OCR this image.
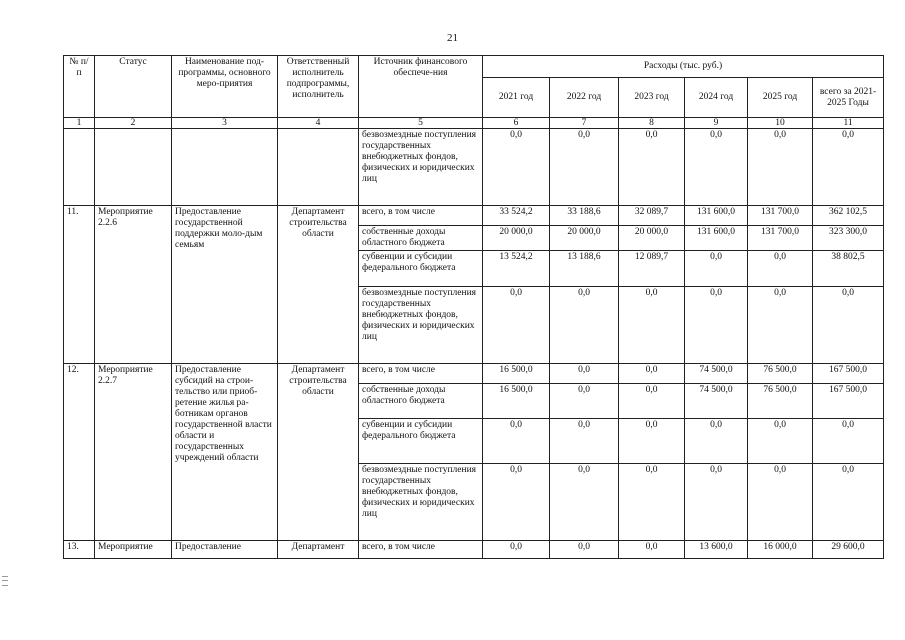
21
№ п/п	Статус	Наименование под-программы, основного меро-приятия	Ответственный исполнитель подпрограммы, исполнитель	Источник финансового обеспече-ния	Расходы (тыс. руб.)					
					2021 год	2022 год	2023 год	2024 год	2025 год	всего за 2021-2025 Годы
1	2	3	4	5	6	7	8	9	10	11
				безвозмездные поступления государственных внебюджетных фондов, физических и юридических лиц	0,0	0,0	0,0	0,0	0,0	0,0
11.	Мероприятие 2.2.6	Предоставление государственной поддержки моло-дым семьям	Департамент строительства области	всего, в том числе	33 524,2	33 188,6	32 089,7	131 600,0	131 700,0	362 102,5
				собственные доходы областного бюджета	20 000,0	20 000,0	20 000,0	131 600,0	131 700,0	323 300,0
				субвенции и субсидии федерального бюджета	13 524,2	13 188,6	12 089,7	0,0	0,0	38 802,5
				безвозмездные поступления государственных внебюджетных фондов, физических и юридических лиц	0,0	0,0	0,0	0,0	0,0	0,0
12.	Мероприятие 2.2.7	Предоставление субсидий на строи-тельство или приоб-ретение жилья ра-ботникам органов государственной власти области и государственных учреждений области	Департамент строительства области	всего, в том числе	16 500,0	0,0	0,0	74 500,0	76 500,0	167 500,0
				собственные доходы областного бюджета	16 500,0	0,0	0,0	74 500,0	76 500,0	167 500,0
				субвенции и субсидии федерального бюджета	0,0	0,0	0,0	0,0	0,0	0,0
				безвозмездные поступления государственных внебюджетных фондов, физических и юридических лиц	0,0	0,0	0,0	0,0	0,0	0,0
13.	Мероприятие	Предоставление	Департамент	всего, в том числе	0,0	0,0	0,0	13 600,0	16 000,0	29 600,0
